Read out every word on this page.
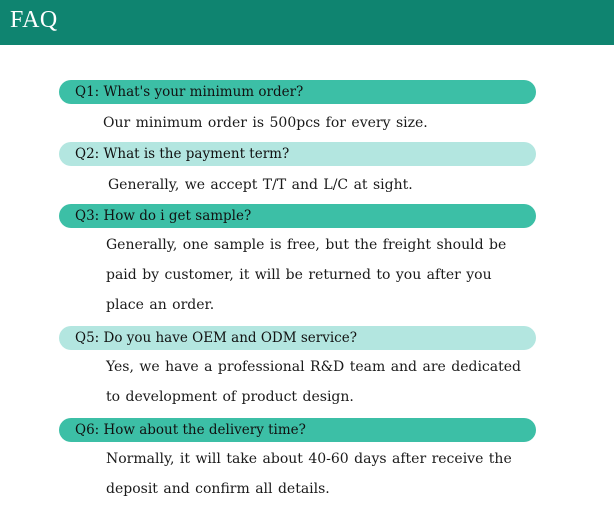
FAQ
Q1: What's your minimum order?
Our minimum order is 500pcs for every size.
Q2: What is the payment term?
Generally, we accept T/T and L/C at sight.
Q3: How do i get sample?
Generally, one sample is free, but the freight should be
paid by customer, it will be returned to you after you
place an order.
Q5: Do you have OEM and ODM service?
Yes, we have a professional R&D team and are dedicated
to development of product design.
Q6: How about the delivery time?
Normally, it will take about 40-60 days after receive the
deposit and confirm all details.
